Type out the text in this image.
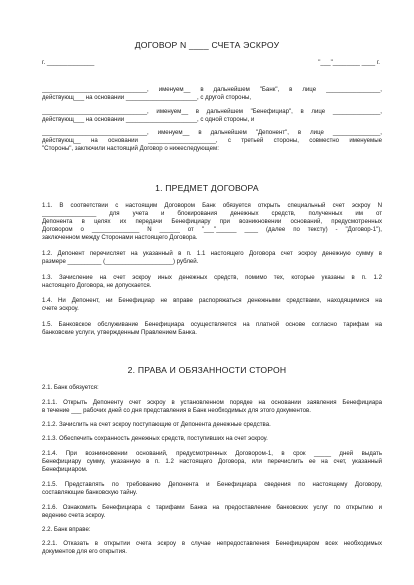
ДОГОВОР N ____ СЧЕТА ЭСКРОУ
г. ______________	"___"________ ____ г.
_______________________________, именуем__ в дальнейшем "Банк", в лице ________________,
действующ___ на основании _____________________, с другой стороны,
_______________________________, именуем__ в дальнейшем "Бенефициар", в лице ______________,
действующ___ на основании _____________________, с одной стороны, и
_______________________________, именуем__ в дальнейшем "Депонент", в лице ______________,
действующ__ на основании ____________________, с третьей стороны, совместно именуемые
"Стороны", заключили настоящий Договор о нижеследующем:
1. ПРЕДМЕТ ДОГОВОРА
1.1. В соответствии с настоящим Договором Банк обязуется открыть специальный счет эскроу N
________________ для учета и блокирования денежных средств, полученных им от
Депонента в целях их передачи Бенефициару при возникновении оснований, предусмотренных
Договором о ______________ N ______ от "___"______ ____ (далее по тексту) - "Договор-1"),
заключенном между Сторонами настоящего Договора.
1.2. Депонент перечисляет на указанный в п. 1.1 настоящего Договора счет эскроу денежную сумму в
размере __________ (____________________) рублей.
1.3. Зачисление на счет эскроу иных денежных средств, помимо тех, которые указаны в п. 1.2
настоящего Договора, не допускается.
1.4. Ни Депонент, ни Бенефициар не вправе распоряжаться денежными средствами, находящимися на
счете эскроу.
1.5. Банковское обслуживание Бенефициара осуществляется на платной основе согласно тарифам на
банковские услуги, утвержденным Правлением Банка.
2. ПРАВА И ОБЯЗАННОСТИ СТОРОН
2.1. Банк обязуется:
2.1.1. Открыть Депоненту счет эскроу в установленном порядке на основании заявления Бенефициара
в течение ___ рабочих дней со дня представления в Банк необходимых для этого документов.
2.1.2. Зачислить на счет эскроу поступающие от Депонента денежные средства.
2.1.3. Обеспечить сохранность денежных средств, поступивших на счет эскроу.
2.1.4. При возникновении оснований, предусмотренных Договором-1, в срок _____ дней выдать
Бенефициару сумму, указанную в п. 1.2 настоящего Договора, или перечислить ее на счет, указанный
Бенефициаром.
2.1.5. Представлять по требованию Депонента и Бенефициара сведения по настоящему Договору,
составляющие банковскую тайну.
2.1.6. Ознакомить Бенефициара с тарифами Банка на предоставление банковских услуг по открытию и
ведению счета эскроу.
2.2. Банк вправе:
2.2.1. Отказать в открытии счета эскроу в случае непредоставления Бенефициаром всех необходимых
документов для его открытия.
